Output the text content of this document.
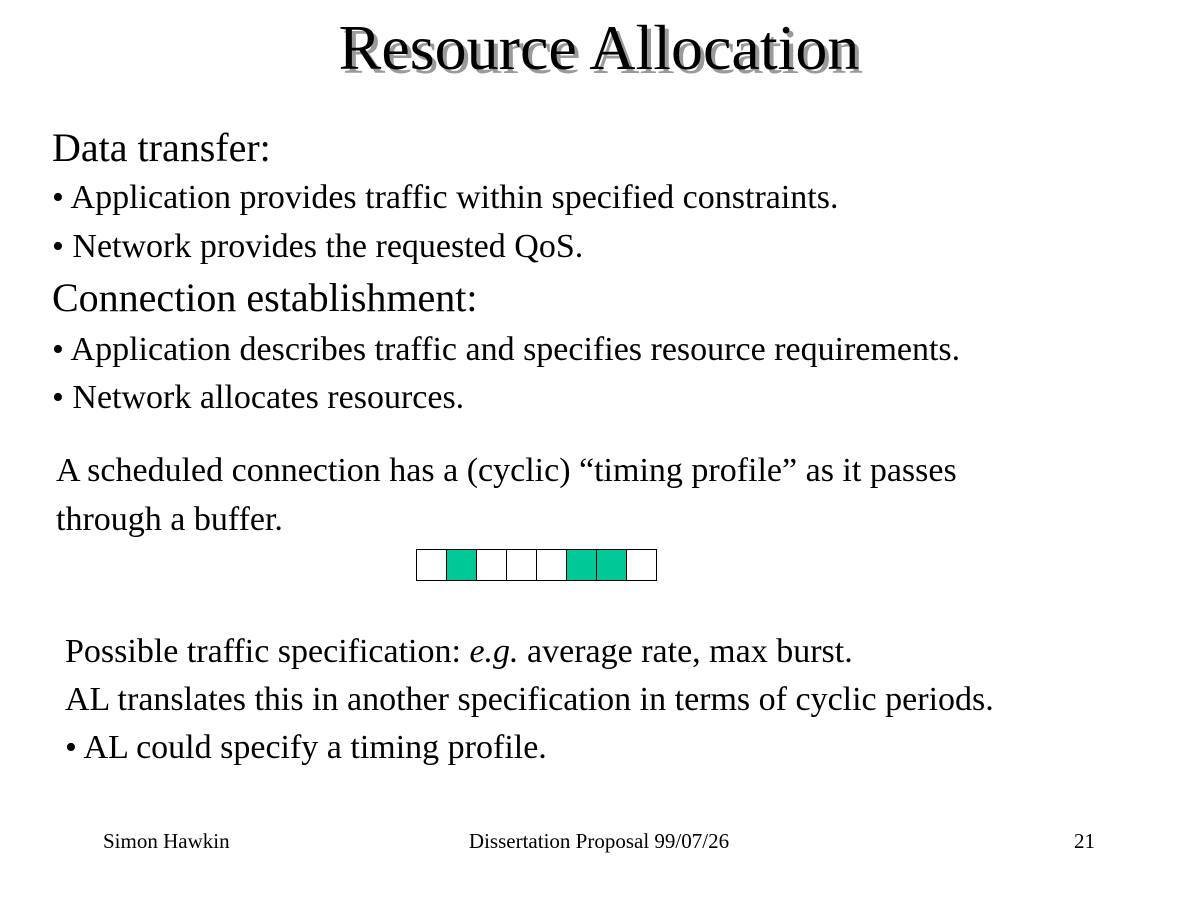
Resource Allocation
Data transfer:
• Application provides traffic within specified constraints.
• Network provides the requested QoS.
Connection establishment:
• Application describes traffic and specifies resource requirements.
• Network allocates resources.
A scheduled connection has a (cyclic) “timing profile” as it passes
through a buffer.
Possible traffic specification: e.g. average rate, max burst.
AL translates this in another specification in terms of cyclic periods.
• AL could specify a timing profile.
Simon Hawkin	Dissertation Proposal 99/07/26	21
